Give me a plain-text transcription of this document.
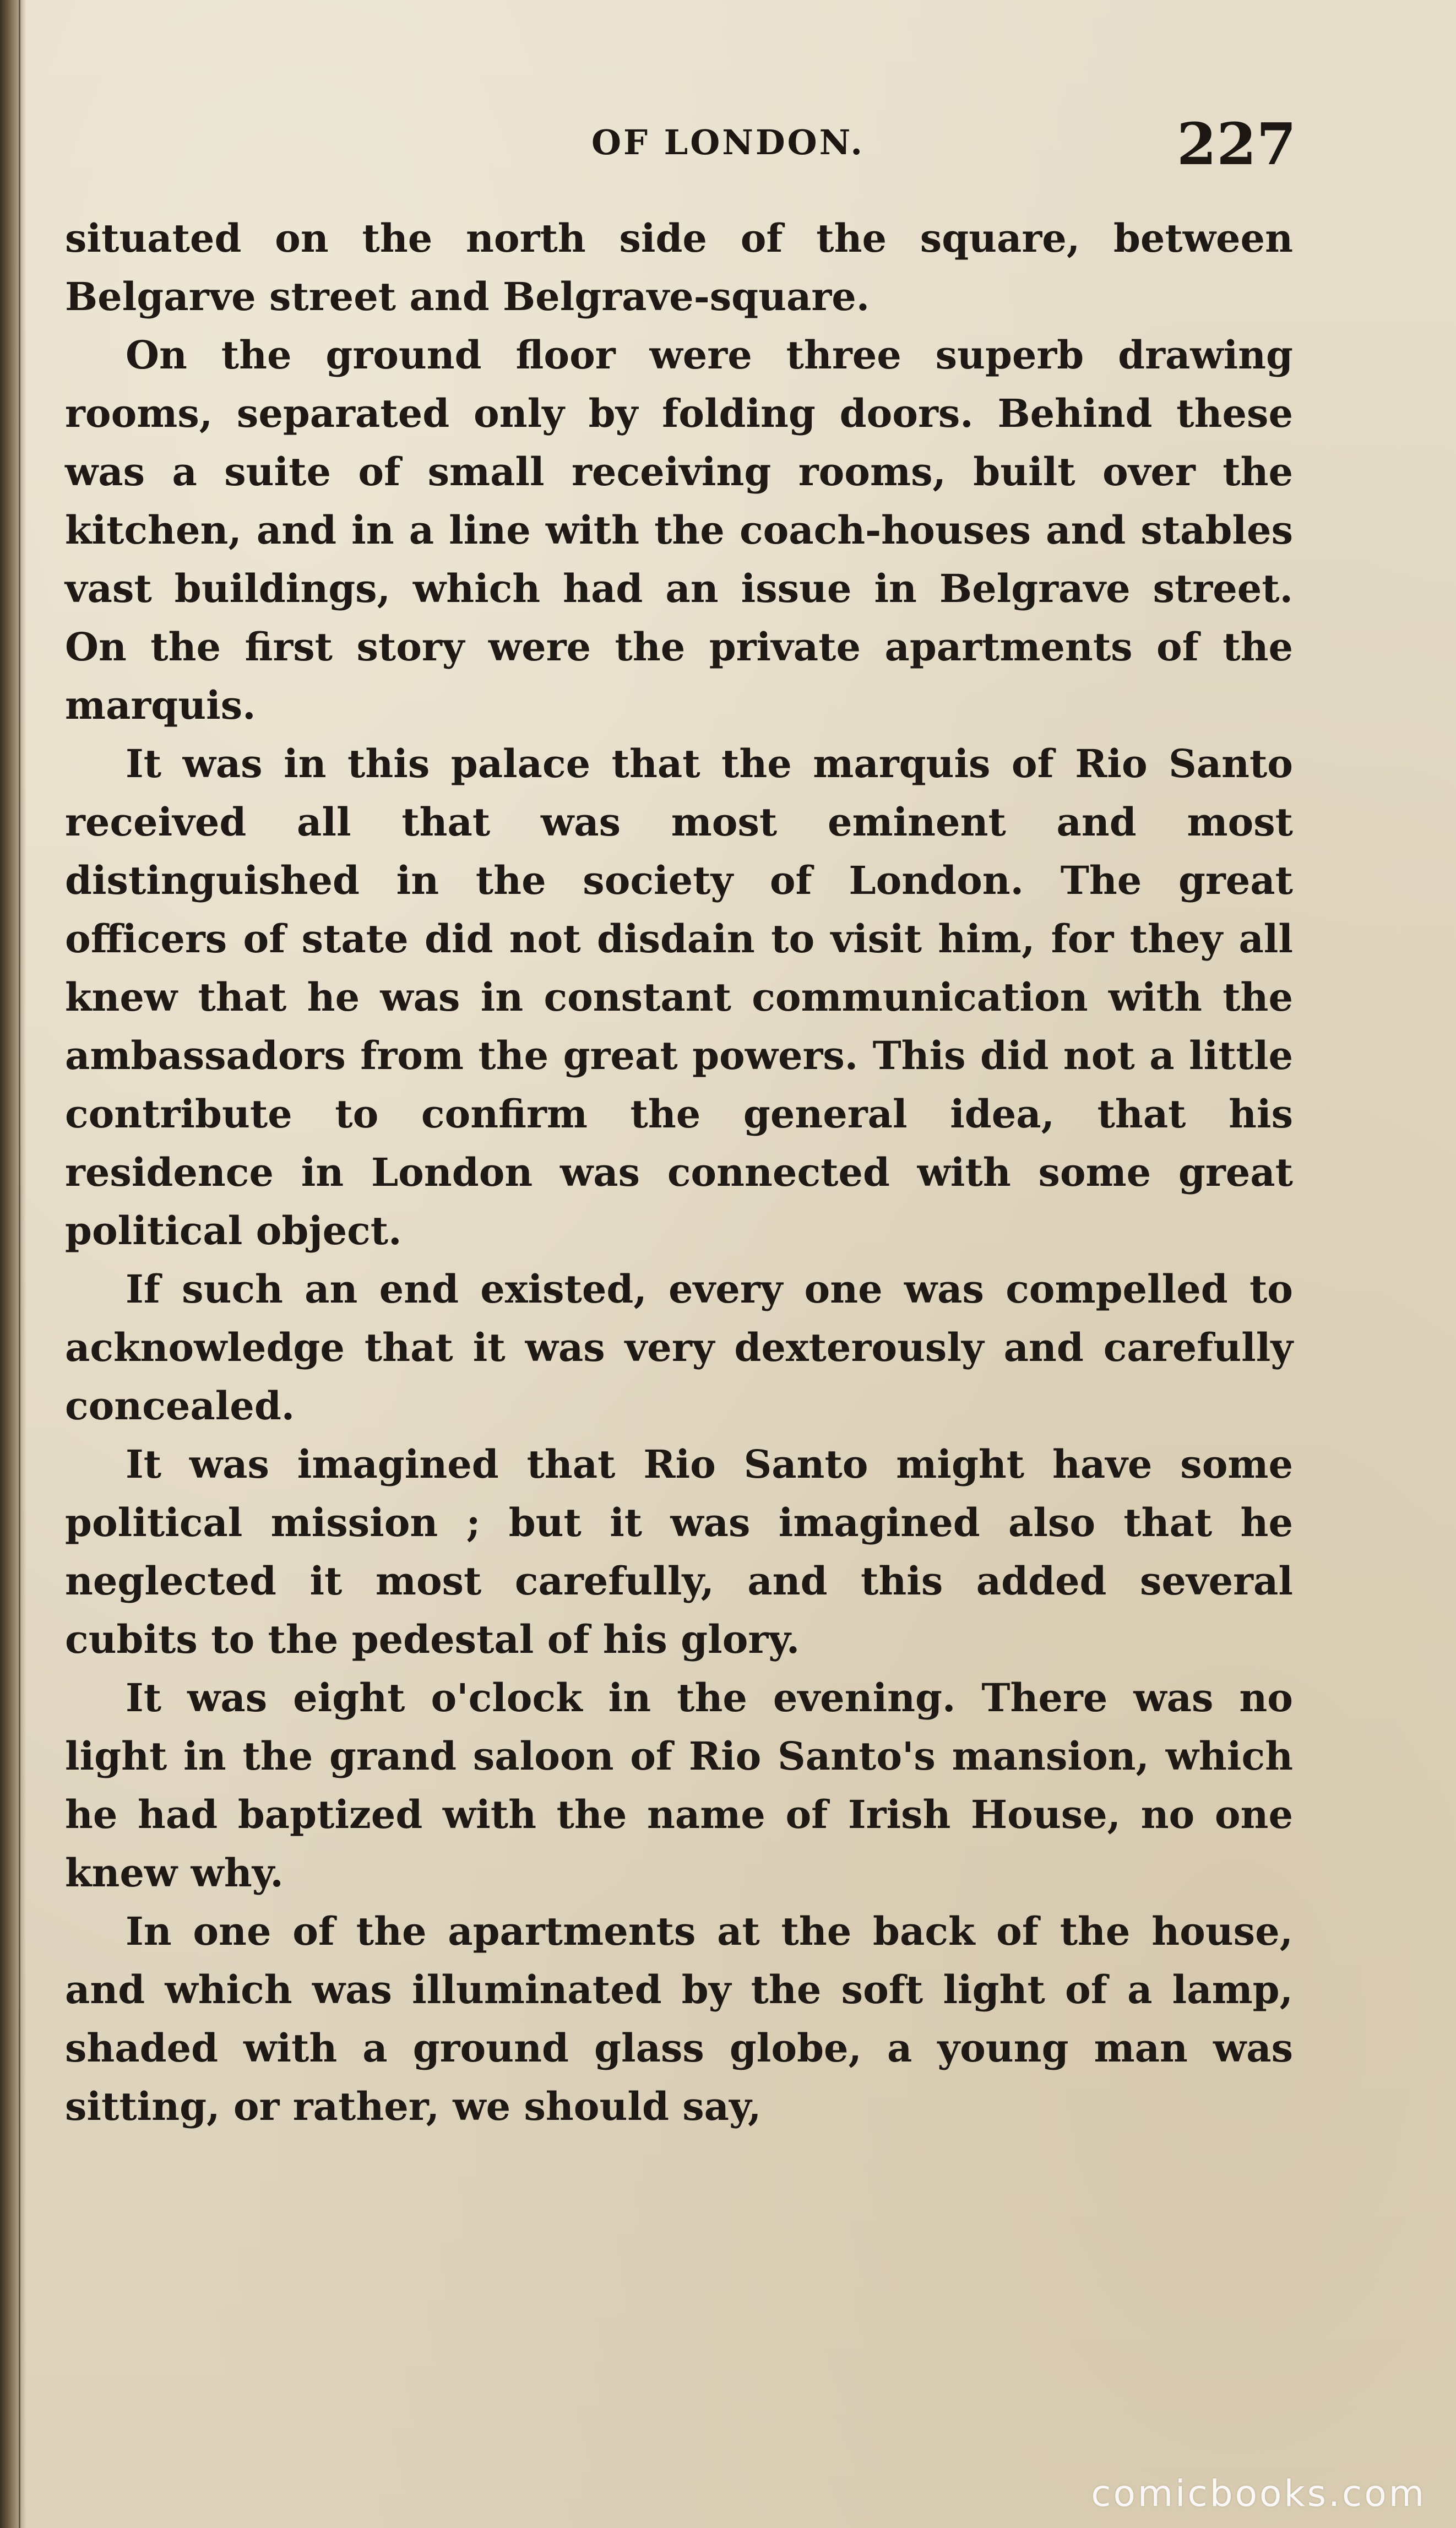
OF LONDON.	227

situated on the north side of the square, between Belgarve street and Belgrave-square.

On the ground floor were three superb drawing rooms, separated only by folding doors. Behind these was a suite of small receiving rooms, built over the kitchen, and in a line with the coach-houses and stables vast buildings, which had an issue in Belgrave street. On the first story were the private apartments of the marquis.

It was in this palace that the marquis of Rio Santo received all that was most eminent and most distinguished in the society of London. The great officers of state did not disdain to visit him, for they all knew that he was in constant communication with the ambassadors from the great powers. This did not a little contribute to confirm the general idea, that his residence in London was connected with some great political object.

If such an end existed, every one was compelled to acknowledge that it was very dexterously and carefully concealed.

It was imagined that Rio Santo might have some political mission ; but it was imagined also that he neglected it most carefully, and this added several cubits to the pedestal of his glory.

It was eight o'clock in the evening. There was no light in the grand saloon of Rio Santo's mansion, which he had baptized with the name of Irish House, no one knew why.

In one of the apartments at the back of the house, and which was illuminated by the soft light of a lamp, shaded with a ground glass globe, a young man was sitting, or rather, we should say,

comicbooks.com
